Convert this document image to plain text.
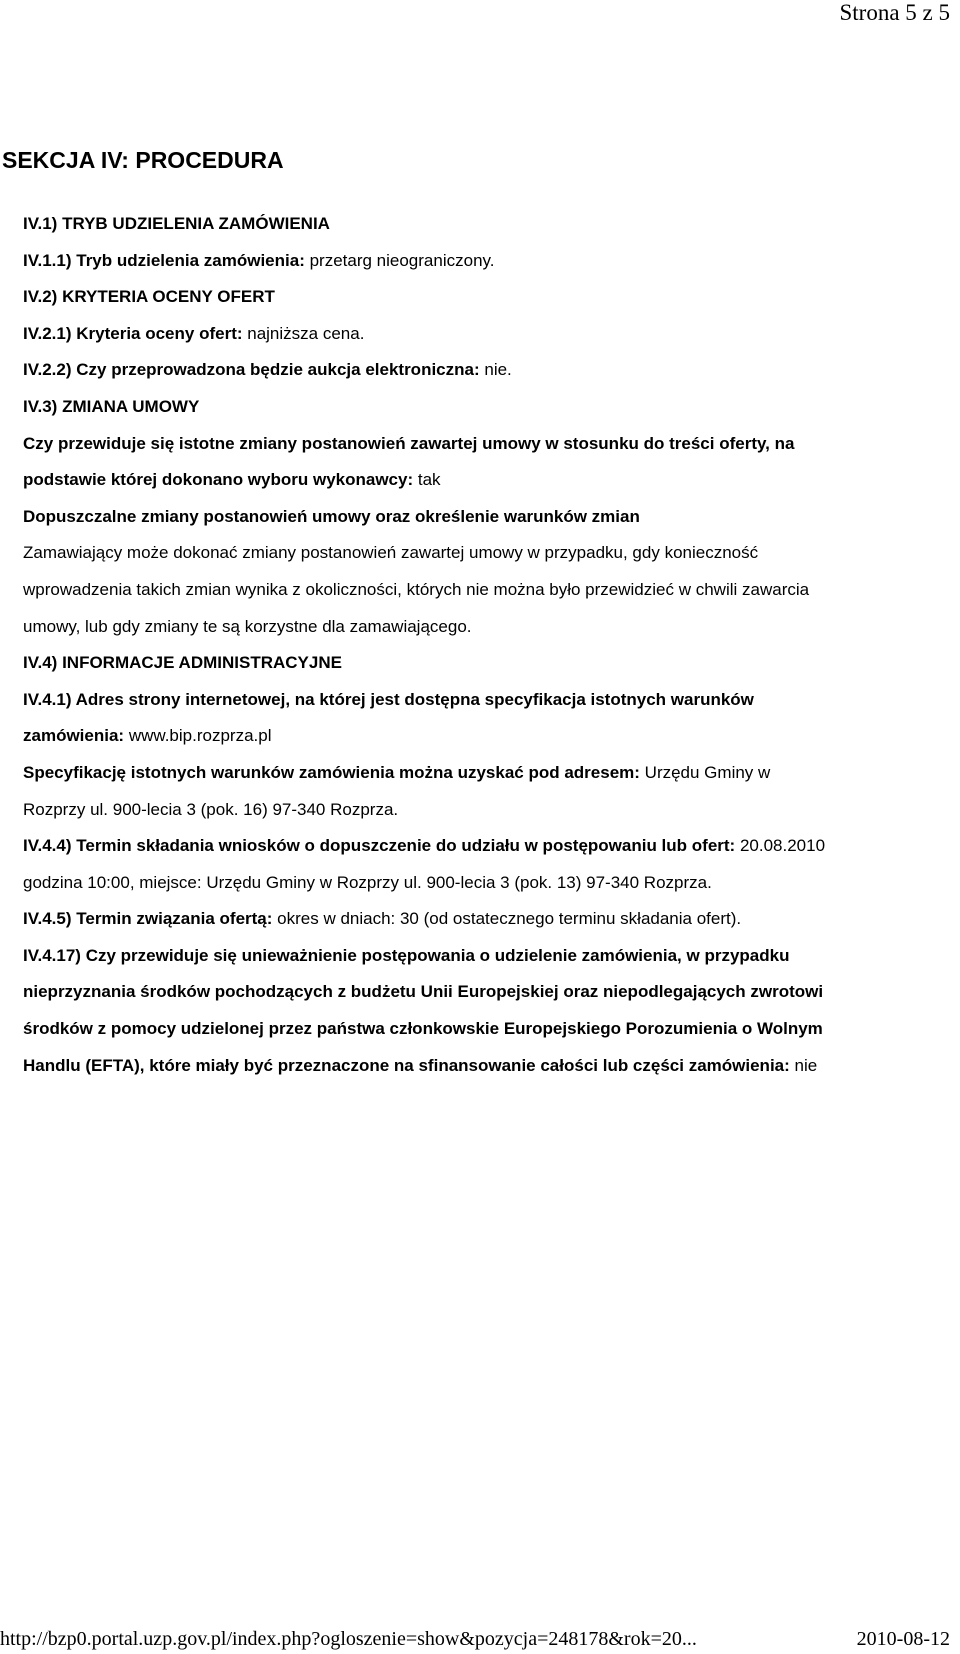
Strona 5 z 5
SEKCJA IV: PROCEDURA
IV.1) TRYB UDZIELENIA ZAMÓWIENIA
IV.1.1) Tryb udzielenia zamówienia: przetarg nieograniczony.
IV.2) KRYTERIA OCENY OFERT
IV.2.1) Kryteria oceny ofert: najniższa cena.
IV.2.2) Czy przeprowadzona będzie aukcja elektroniczna: nie.
IV.3) ZMIANA UMOWY
Czy przewiduje się istotne zmiany postanowień zawartej umowy w stosunku do treści oferty, na
podstawie której dokonano wyboru wykonawcy: tak
Dopuszczalne zmiany postanowień umowy oraz określenie warunków zmian
Zamawiający może dokonać zmiany postanowień zawartej umowy w przypadku, gdy konieczność
wprowadzenia takich zmian wynika z okoliczności, których nie można było przewidzieć w chwili zawarcia
umowy, lub gdy zmiany te są korzystne dla zamawiającego.
IV.4) INFORMACJE ADMINISTRACYJNE
IV.4.1) Adres strony internetowej, na której jest dostępna specyfikacja istotnych warunków
zamówienia: www.bip.rozprza.pl
Specyfikację istotnych warunków zamówienia można uzyskać pod adresem: Urzędu Gminy w
Rozprzy ul. 900-lecia 3 (pok. 16) 97-340 Rozprza.
IV.4.4) Termin składania wniosków o dopuszczenie do udziału w postępowaniu lub ofert: 20.08.2010
godzina 10:00, miejsce: Urzędu Gminy w Rozprzy ul. 900-lecia 3 (pok. 13) 97-340 Rozprza.
IV.4.5) Termin związania ofertą: okres w dniach: 30 (od ostatecznego terminu składania ofert).
IV.4.17) Czy przewiduje się unieważnienie postępowania o udzielenie zamówienia, w przypadku
nieprzyznania środków pochodzących z budżetu Unii Europejskiej oraz niepodlegających zwrotowi
środków z pomocy udzielonej przez państwa członkowskie Europejskiego Porozumienia o Wolnym
Handlu (EFTA), które miały być przeznaczone na sfinansowanie całości lub części zamówienia: nie
http://bzp0.portal.uzp.gov.pl/index.php?ogloszenie=show&pozycja=248178&rok=20...	2010-08-12
